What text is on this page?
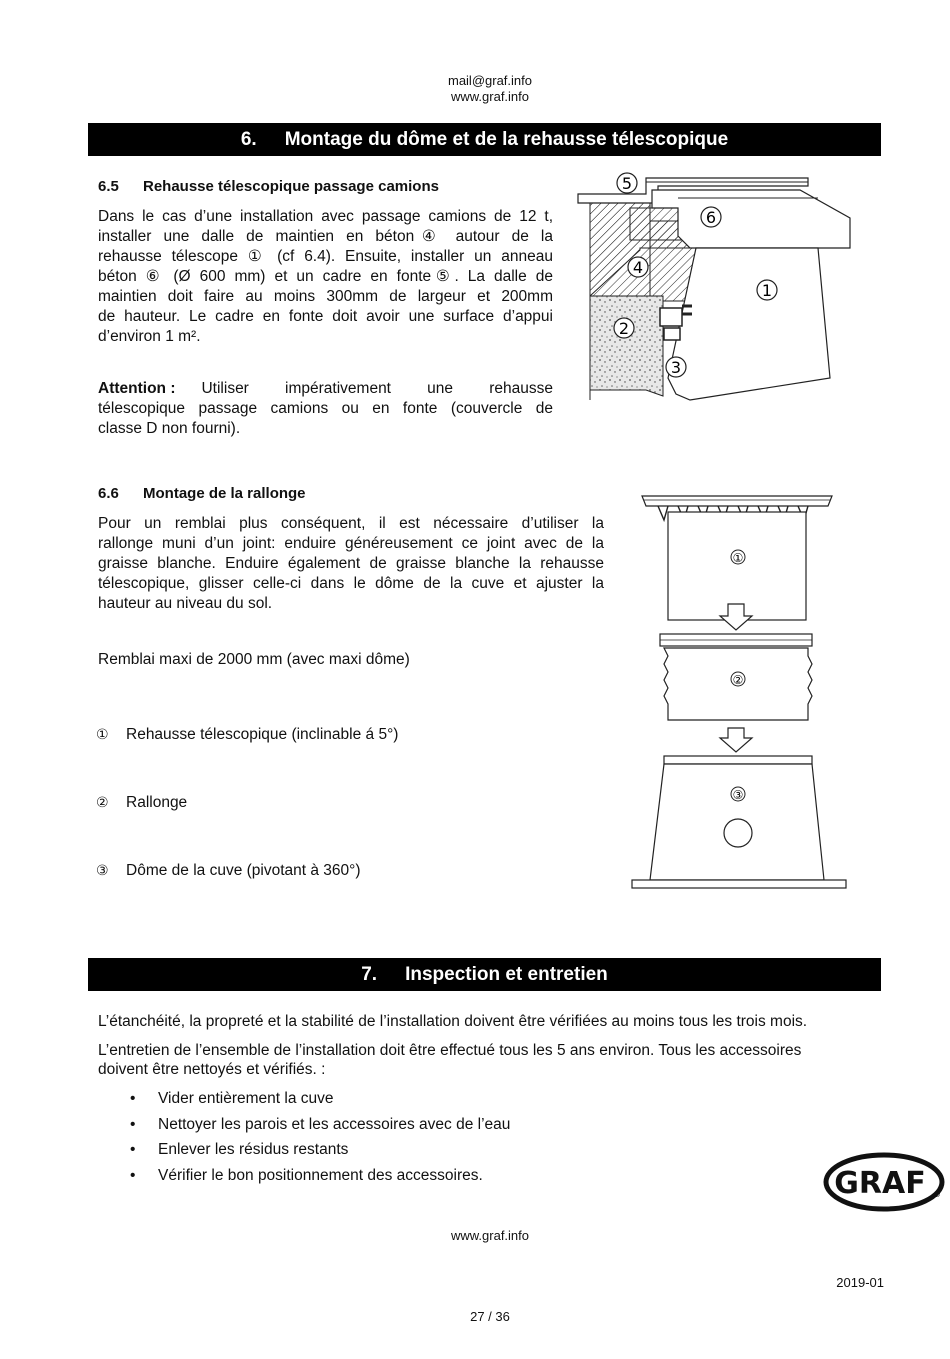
mail@graf.info
www.graf.info
6. Montage du dôme et de la rehausse télescopique
6.5 Rehausse télescopique passage camions
Dans le cas d’une installation avec passage camions de 12 t,
installer une dalle de maintien en béton④ autour de la
rehausse télescope ① (cf 6.4). Ensuite, installer un anneau
béton ⑥ (Ø 600 mm) et un cadre en fonte⑤. La dalle de
maintien doit faire au moins 300mm de largeur et 200mm
de hauteur. Le cadre en fonte doit avoir une surface d’appui
d’environ 1 m².
Attention : Utiliser impérativement une rehausse
télescopique passage camions ou en fonte (couvercle de
classe D non fourni).
5
6
4
1
2
3
6.6 Montage de la rallonge
Pour un remblai plus conséquent, il est nécessaire d’utiliser la
rallonge muni d’un joint: enduire généreusement ce joint avec de la
graisse blanche. Enduire également de graisse blanche la rehausse
télescopique, glisser celle-ci dans le dôme de la cuve et ajuster la
hauteur au niveau du sol.
Remblai maxi de 2000 mm (avec maxi dôme)
① Rehausse télescopique (inclinable á 5°)
② Rallonge
③ Dôme de la cuve (pivotant à 360°)
①
②
③
7. Inspection et entretien
L’étanchéité, la propreté et la stabilité de l’installation doivent être vérifiées au moins tous les trois mois.
L’entretien de l’ensemble de l’installation doit être effectué tous les 5 ans environ. Tous les accessoires
doivent être nettoyés et vérifiés. :
• Vider entièrement la cuve
• Nettoyer les parois et les accessoires avec de l’eau
• Enlever les résidus restants
• Vérifier le bon positionnement des accessoires.	GRAF ®
www.graf.info
2019-01
27 / 36
